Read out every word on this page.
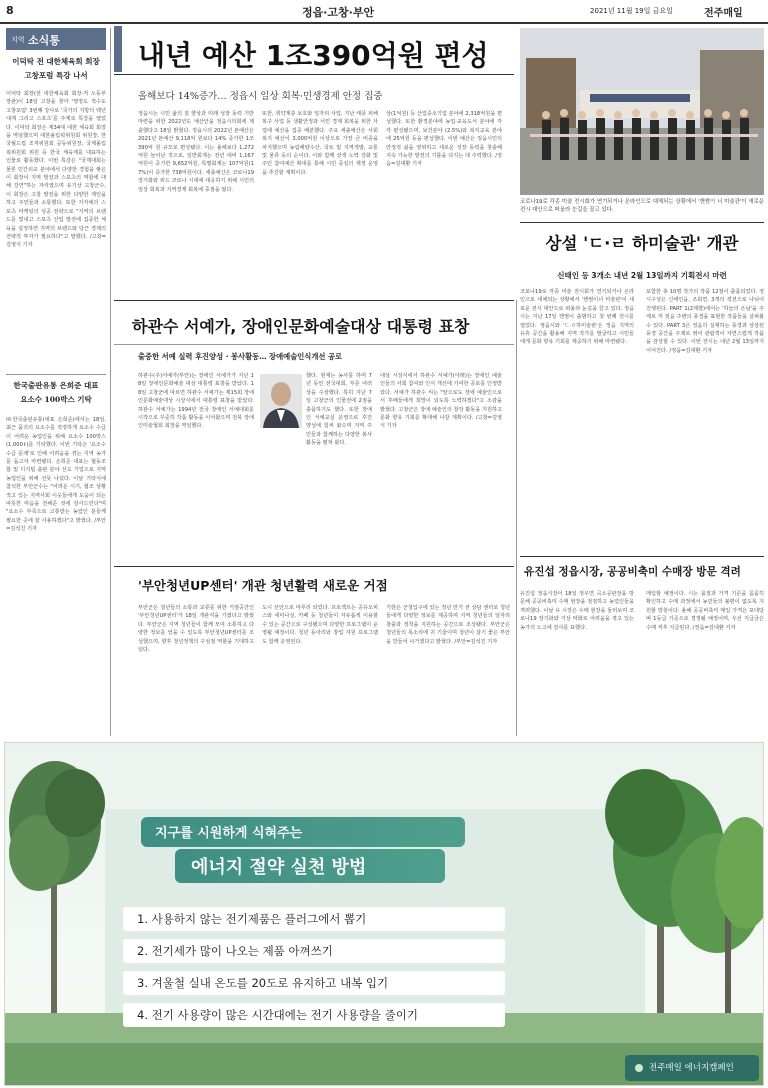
8	정읍·고창·부안	2021년 11월 19일 금요일	전주매일
지역 소식통
이덕탁 전 대한체육회 회장
고창포럼 특강 나서
이덕탁 회장(전 대한체육회 회장·저 노동부 장관)이 18일 고창을 찾아 '행정도 적수도 고창포럼' 3번째 강사로 '국가의 지방의 백년대계 그리고 스포츠'를 주제로 특강을 열었다. 이덕탁 회장은 제34대 대한 체육회 회장을 역임했으며 대한올림픽위원회 위원장, 한국월드컵 조직위원회 공동위원장, 국제올림픽위원회 위원 등 한국 체육계를 대표하는 인물로 활동했다. 이번 특강은 "국제대회는 물론 민간외교 분야에서 다양한 경험을 쌓은 이 회장이 지역 발전과 스포츠의 역할에 대해 강연"하는 자리였으며 유기상 고창군수, 이 회장은 고창 발전을 위한 다양한 제언을 하고 주민들과 소통했다. 또한 지자체의 스포츠 마케팅의 성공 전략으로 "지역의 브랜드를 빛내고 스포츠 산업 발전에 집중한 체육을 설정하면 지역의 브랜드와 당근 경제의 전략적 투자가 필요하다"고 말했다. /고창=김영식 기자
한국출판유통 은희준 대표
요소수 100박스 기탁
㈜한국출판유통(대표 은희준)에서는 18일, 최근 품귀의 요소수를 적정하게 요소수 수급이 어려운 농업인을 위해 요소수 100박스(1,000ℓ)를 기탁했다. 이번 기탁은 '요소수 수급 문제'로 인해 어려움을 겪는 지역 농가를 돕고자 마련됐다. 은희준 대표는 협동조합 및 디지털 출판 분야 선도 기업으로 지역 농업인을 위해 선뜻 나섰다. 이날 기탁식에 참석한 부안군수는 "어려운 시기, 협조 상황 적고 있는 지역사회 이웃들에게 도움이 되는 따뜻한 마음을 전해준 것에 감사드린다"며 "요소수 부족으로 고통받는 농업인 분들께 필요한 곳에 잘 사용하겠다"고 밝혔다. /부안=김석진 기자
내년 예산 1조390억원 편성
올해보다 14%증가… 정읍시 일상 회복·민생경제 안정 집중
정읍시는 시민 삶의 질 향상과 미래 성장 동력 기반 마련을 위한 2022년도 예산안을 정읍시의회에 제출했다고 18일 밝혔다. 정읍시의 2022년 본예산은 2021년 본예산 9,118억 원보다 14% 증가한 1조 390억 원 규모로 편성됐다. 이는 올해보다 1,272억원 늘어난 것으로, 일반회계는 전년 대비 1,167억원이 증가한 9,652억원, 특별회계는 107억원(17%)이 증가한 738억원이다. 세출예산은 코로나19 장기화와 위드 코로나 시대에 대응하기 위해 시민의 일상 회복과 지역경제 회복에 중점을 뒀다.
또한, 취약계층 보호와 일자리 사업, 지난 태풍 피해 복구 사업 등 생활안정과 서민 경제 회복을 위한 사업에 예산을 집중 배분했다. 주요 세출예산은 사회복지 예산이 3,000억원 이상으로 가장 큰 비중을 차지했으며 농림해양수산, 국토 및 지역개발, 교통 및 물류 등의 순이다. 이와 함께 상생 노력 강화 및 주민 참여예산 확대를 통해 시민 중심의 재정 운영을 추진할 계획이다.
상(1억원) 등 산업중소기업 분야에 2,318억원을 편성했다. 또한 환경분야에 농업·교육도서 분야에 각각 편성됐으며, 보건분야 (2.5%)와 복지교육 분야에 25억원 등을 편성했다. 이번 예산은 정읍시민의 안정적 삶을 영위하고 새로운 성장 동력을 창출해 지속 가능한 발전의 기틀을 다지는 데 주력했다. /정읍=김대환 기자
코로나19로 각종 미술 전시회가 연기되거나 온라인으로 대체되는 상황에서 '핸썸이 너 미술관'이 새로운 전시 대안으로 떠올라 눈길을 끌고 있다.
상설 'ㄷ·ㄹ 하미술관' 개관
신태인 등 3개소 내년 2월 13일까지 기획전시 마련
코로나19로 각종 미술 전시회가 연기되거나 온라인으로 대체되는 상황에서 '핸썸이너 미술관'이 새로운 전시 대안으로 떠올라 눈길을 끌고 있다. 정읍시는 지난 17일 핸썸이 출범하고 첫 번째 전시를 열었다. 정읍시와 'ㄷ·ㄹ하미술관'은 정읍 지역의 유휴 공간을 활용해 지역 작가를 발굴하고 시민들에게 문화 향유 기회를 제공하기 위해 마련됐다.
포함한 총 10명 작가의 작품 12점이 출품되었다. 정시구성은 신태인읍, 조회면, 3개의 섹션으로 나뉘어 진행된다. PART 1(2제향)에서는 '하늘의 은남'을 주제로 저 정읍 주변의 풍경을 표현한 작품들을 살펴볼 수 있다. PART 3은 정읍의 실재하는 풍경과 상상된 풍경 공간을 주제로 엮어 관람객이 자연스럽게 작품을 감상할 수 있다. 이번 전시는 내년 2월 13일까지 이어진다. /정읍=김대환 기자
하관수 서예가, 장애인문화예술대상 대통령 표창
출중한 서예 실력 후진양성 · 봉사활동… 장애예술인식개선 공로
하관수(주)서예가(부안)는 장애인 서예가가 지난 18일 장애인문화예술 대상 대통령 표창을 받았다. 18일 고창군에 따르면 하관수 서예가는 제15회 장애인문화예술대상 시상식에서 대통령 표창을 받았다. 하관수 서예가는 1994년 전국 장애인 서예대회를 시작으로 꾸준히 작품 활동을 이어왔으며 전북 장애인미술협회 회장을 역임했다.
했다. 현재는 농사를 하며 7년 동안 전국대회, 부문 여러 상을 수상했다. 특히 지난 7일 고창군의 인물전에 2점을 출품하기도 했다. 또한 장애인 서예교실 운영으로 후진 양성에 힘써 왔으며 지역 주민들과 함께하는 다양한 봉사활동을 펼쳐 왔다.
대상 시상식에서 하관수 서예가(아래)는 장애인 예술인들의 사회 참여와 인식 개선에 기여한 공로를 인정받았다. 서예가 하관수 씨는 "앞으로도 장애 예술인으로서 후배들에게 희망이 되도록 노력하겠다"고 소감을 밝혔다. 고창군은 장애 예술인의 창작 활동을 지원하고 문화 향유 기회를 확대해 나갈 계획이다. /고창=김영식 기자
'부안청년UP센터' 개관 청년활력 새로운 거점
부안군은 청년들의 소통과 교류를 위한 거점공간인 '부안청년UP센터'가 18일 개관식을 가졌다고 밝혔다. 부안군은 지역 청년들이 함께 모여 소통하고 다양한 정보를 얻을 수 있도록 부안청년UP센터를 조성했으며, 향후 청년정책의 구심점 역할을 기대하고 있다.
도시 선언으로 마루리 되었다. 프로젝트는 공유오피스와 세미나실, 카페 등 청년들이 자유롭게 이용할 수 있는 공간으로 구성됐으며 다양한 프로그램이 운영될 예정이다. 청년 동아리와 창업 지원 프로그램도 함께 운영된다.
기한은 군청입구에 있는 정년 만기 전 상담 센터로 청년들에게 다양한 정보를 제공하며 지역 청년들의 일자리 창출과 정착을 지원하는 공간으로 조성됐다. 부안군은 청년들의 목소리에 귀 기울이며 청년이 살기 좋은 부안을 만들어 나가겠다고 밝혔다. /부안=김석진 기자
유진섭 정읍시장, 공공비축미 수매장 방문 격려
유진섭 정읍시장이 18일 정우면 곡소공판장을 방문해 공공비축미 수매 현장을 점검하고 농업인들을 격려했다. 이날 유 시장은 수매 현장을 둘러보며 코로나19 장기화와 기상 악화로 어려움을 겪고 있는 농가의 노고에 감사를 표했다.
매입할 예정이다. 시는 품질과 가격 기준을 꼼꼼히 확인하고 수매 과정에서 농민들의 불편이 없도록 지원할 방침이다. 올해 공공비축미 매입 가격은 포대당 벼 1등급 기준으로 결정될 예정이며, 우선 지급금은 수매 직후 지급된다. /정읍=김대환 기자
지구를 시원하게 식혀주는
에너지 절약 실천 방법
1. 사용하지 않는 전기제품은 플러그에서 뽑기
2. 전기세가 많이 나오는 제품 아껴쓰기
3. 겨울철 실내 온도를 20도로 유지하고 내복 입기
4. 전기 사용량이 많은 시간대에는 전기 사용량을 줄이기
전주매일 에너지캠페인
